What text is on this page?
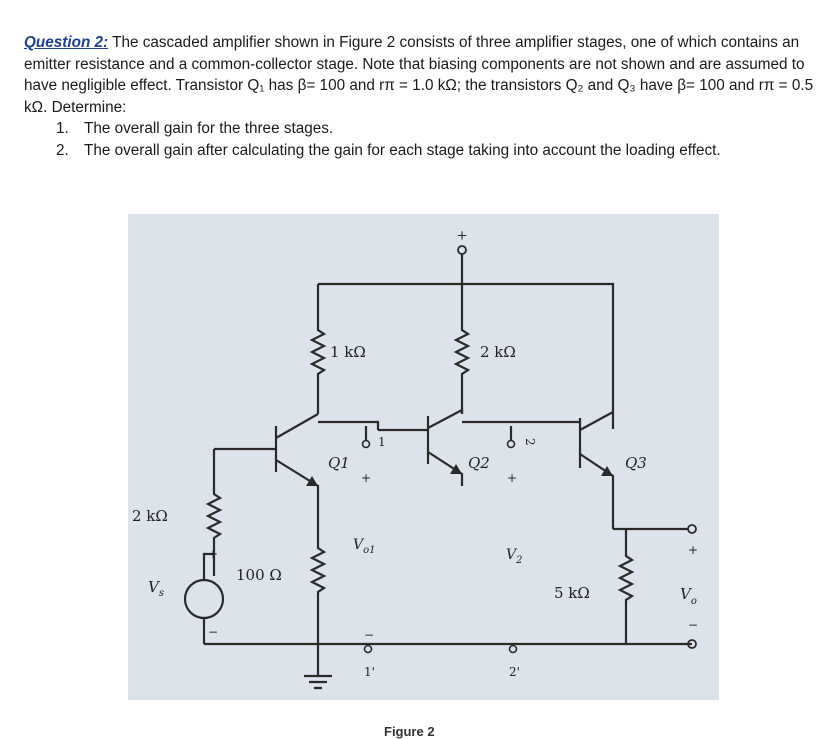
Question 2: The cascaded amplifier shown in Figure 2 consists of three amplifier stages, one of which contains an emitter resistance and a common-collector stage. Note that biasing components are not shown and are assumed to have negligible effect. Transistor Q₁ has β= 100 and rπ = 1.0 kΩ; the transistors Q₂ and Q₃ have β= 100 and rπ = 0.5 kΩ. Determine:
1. The overall gain for the three stages.
2. The overall gain after calculating the gain for each stage taking into account the loading effect.
+
1 kΩ	2 kΩ
Q1
1
+
$V_{o1}$
−
1'
Q2
2
+
$V_2$
2'
Q3
+
$V_o$
−
5 kΩ
2 kΩ
+
$V_s$
−
100 Ω
Figure 2
